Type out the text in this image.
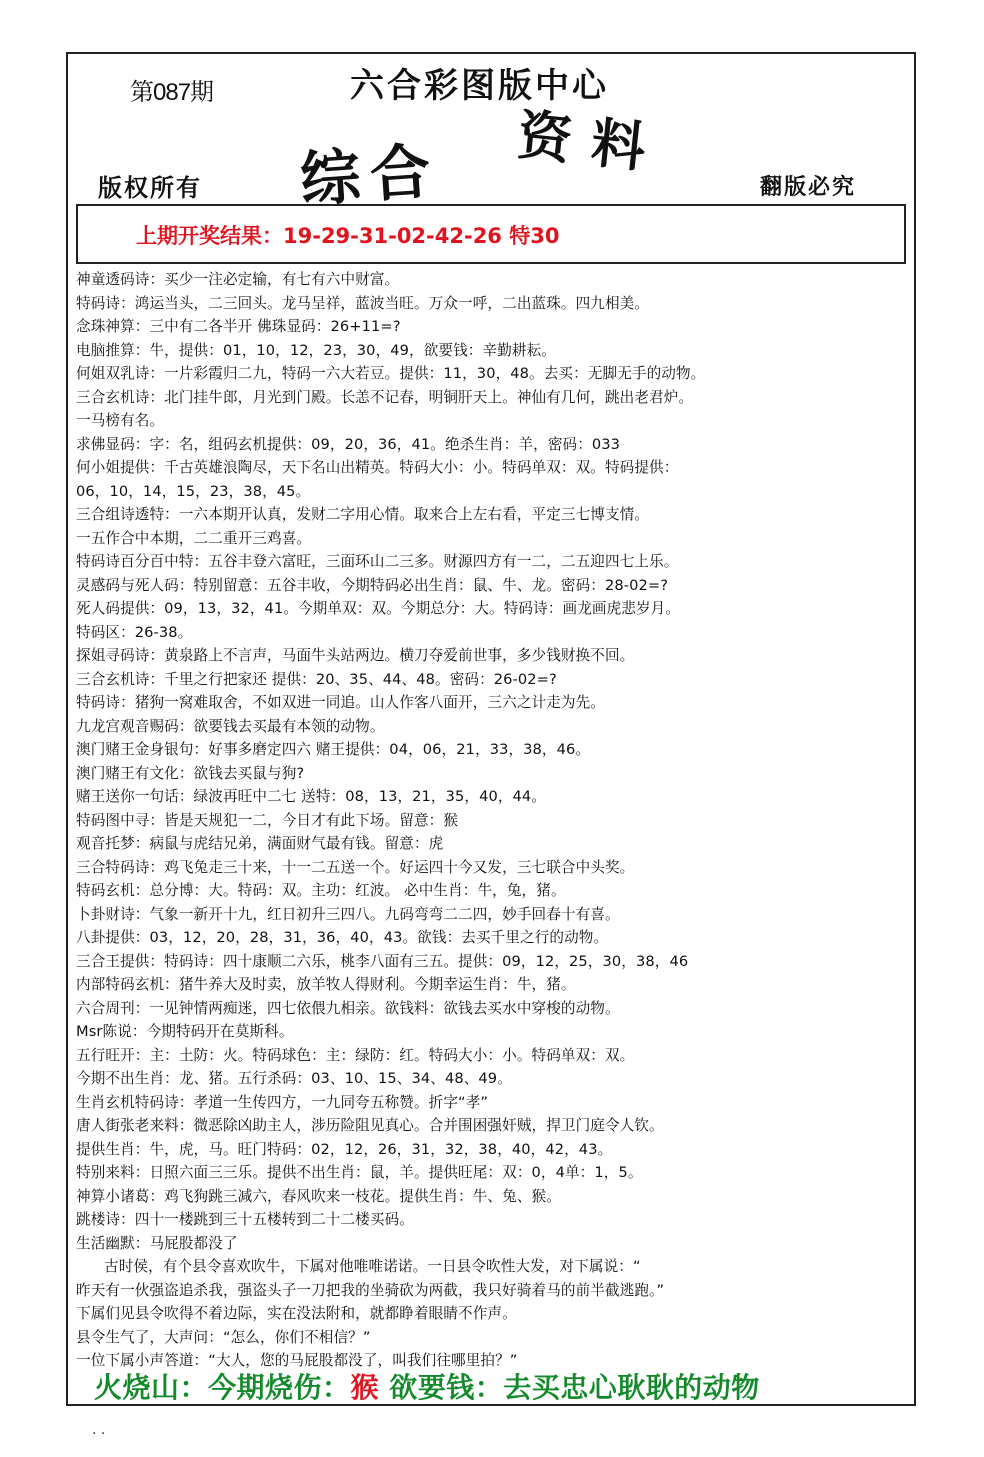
第087期	六合彩图版中心
综合 资料
版权所有	翻版必究
上期开奖结果：19-29-31-02-42-26 特30
神童透码诗：买少一注必定输，有七有六中财富。
特码诗：鸿运当头，二三回头。龙马呈祥，蓝波当旺。万众一呼，二出蓝珠。四九相美。
念珠神算：三中有二各半开 佛珠显码：26+11=?
电脑推算：牛，提供：01，10，12，23，30，49，欲要钱：辛勤耕耘。
何姐双乳诗：一片彩霞归二九，特码一六大若豆。提供：11，30，48。去买：无脚无手的动物。
三合玄机诗：北门挂牛郎，月光到门殿。长恙不记春，明铜肝天上。神仙有几何，跳出老君炉。
一马榜有名。
求佛显码：字：名，组码玄机提供：09，20，36，41。绝杀生肖：羊，密码：033
何小姐提供：千古英雄浪陶尽，天下名山出精英。特码大小：小。特码单双：双。特码提供：
06，10，14，15，23，38，45。
三合组诗透特：一六本期开认真，发财二字用心情。取来合上左右看，平定三七博支情。
一五作合中本期，二二重开三鸡喜。
特码诗百分百中特：五谷丰登六富旺，三面环山二三多。财源四方有一二，二五迎四七上乐。
灵感码与死人码：特别留意：五谷丰收，今期特码必出生肖：鼠、牛、龙。密码：28-02=?
死人码提供：09，13，32，41。今期单双：双。今期总分：大。特码诗：画龙画虎悲岁月。
特码区：26-38。
探姐寻码诗：黄泉路上不言声，马面牛头站两边。横刀夺爱前世事，多少钱财换不回。
三合玄机诗：千里之行把家还 提供：20、35、44、48。密码：26-02=?
特码诗：猪狗一窝难取舍，不如双进一同追。山人作客八面开，三六之计走为先。
九龙宫观音赐码：欲要钱去买最有本领的动物。
澳门赌王金身银句：好事多磨定四六 赌王提供：04，06，21，33，38，46。
澳门赌王有文化：欲钱去买鼠与狗?
赌王送你一句话：绿波再旺中二七 送特：08，13，21，35，40，44。
特码图中寻：皆是天规犯一二，今日才有此下场。留意：猴
观音托梦：病鼠与虎结兄弟，满面财气最有钱。留意：虎
三合特码诗：鸡飞兔走三十来，十一二五送一个。好运四十今又发，三七联合中头奖。
特码玄机：总分博：大。特码：双。主功：红波。 必中生肖：牛，兔，猪。
卜卦财诗：气象一新开十九，红日初升三四八。九码弯弯二二四，妙手回春十有喜。
八卦提供：03，12，20，28，31，36，40，43。欲钱：去买千里之行的动物。
三合王提供：特码诗：四十康顺二六乐，桃李八面有三五。提供：09，12，25，30，38，46
内部特码玄机：猪牛养大及时卖，放羊牧人得财利。今期幸运生肖：牛，猪。
六合周刊：一见钟情两痴迷，四七依偎九相亲。欲钱料：欲钱去买水中穿梭的动物。
Msr陈说：今期特码开在莫斯科。
五行旺开：主：土防：火。特码球色：主：绿防：红。特码大小：小。特码单双：双。
今期不出生肖：龙、猪。五行杀码：03、10、15、34、48、49。
生肖玄机特码诗：孝道一生传四方，一九同夸五称赞。折字“孝”
唐人街张老来料：微恶除凶助主人，涉历险阻见真心。合并围困强奸贼，捍卫门庭令人钦。
提供生肖：牛，虎，马。旺门特码：02，12，26，31，32，38，40，42，43。
特别来料：日照六面三三乐。提供不出生肖：鼠，羊。提供旺尾：双：0，4单：1，5。
神算小诸葛：鸡飞狗跳三减六，春风吹来一枝花。提供生肖：牛、兔、猴。
跳楼诗：四十一楼跳到三十五楼转到二十二楼买码。
生活幽默：马屁股都没了
古时侯，有个县令喜欢吹牛，下属对他唯唯诺诺。一日县令吹性大发，对下属说：“
昨天有一伙强盗追杀我，强盗头子一刀把我的坐骑砍为两截，我只好骑着马的前半截逃跑。”
下属们见县令吹得不着边际，实在没法附和，就都睁着眼睛不作声。
县令生气了，大声问：“怎么，你们不相信？”
一位下属小声答道：“大人，您的马屁股都没了，叫我们往哪里拍？”
火烧山：今期烧伤：猴 欲要钱：去买忠心耿耿的动物
. .
